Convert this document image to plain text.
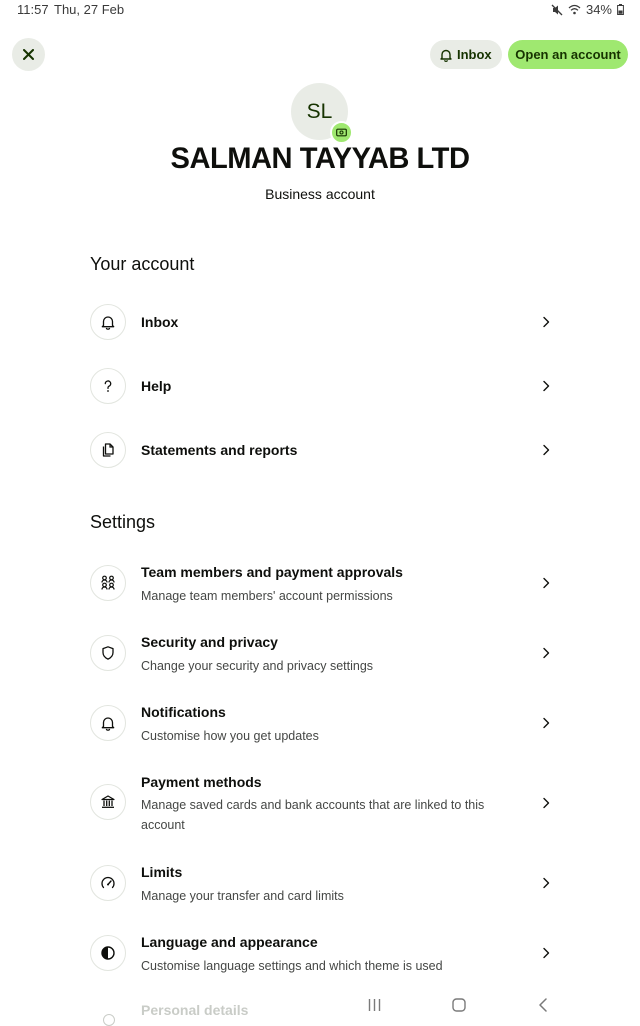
11:57 Thu, 27 Feb	34%
Inbox Open an account
SL
SALMAN TAYYAB LTD
Business account
Your account
Inbox
Help
Statements and reports
Settings
Team members and payment approvals
Manage team members' account permissions
Security and privacy
Change your security and privacy settings
Notifications
Customise how you get updates
Payment methods
Manage saved cards and bank accounts that are linked to this account
Limits
Manage your transfer and card limits
Language and appearance
Customise language settings and which theme is used
Personal details
